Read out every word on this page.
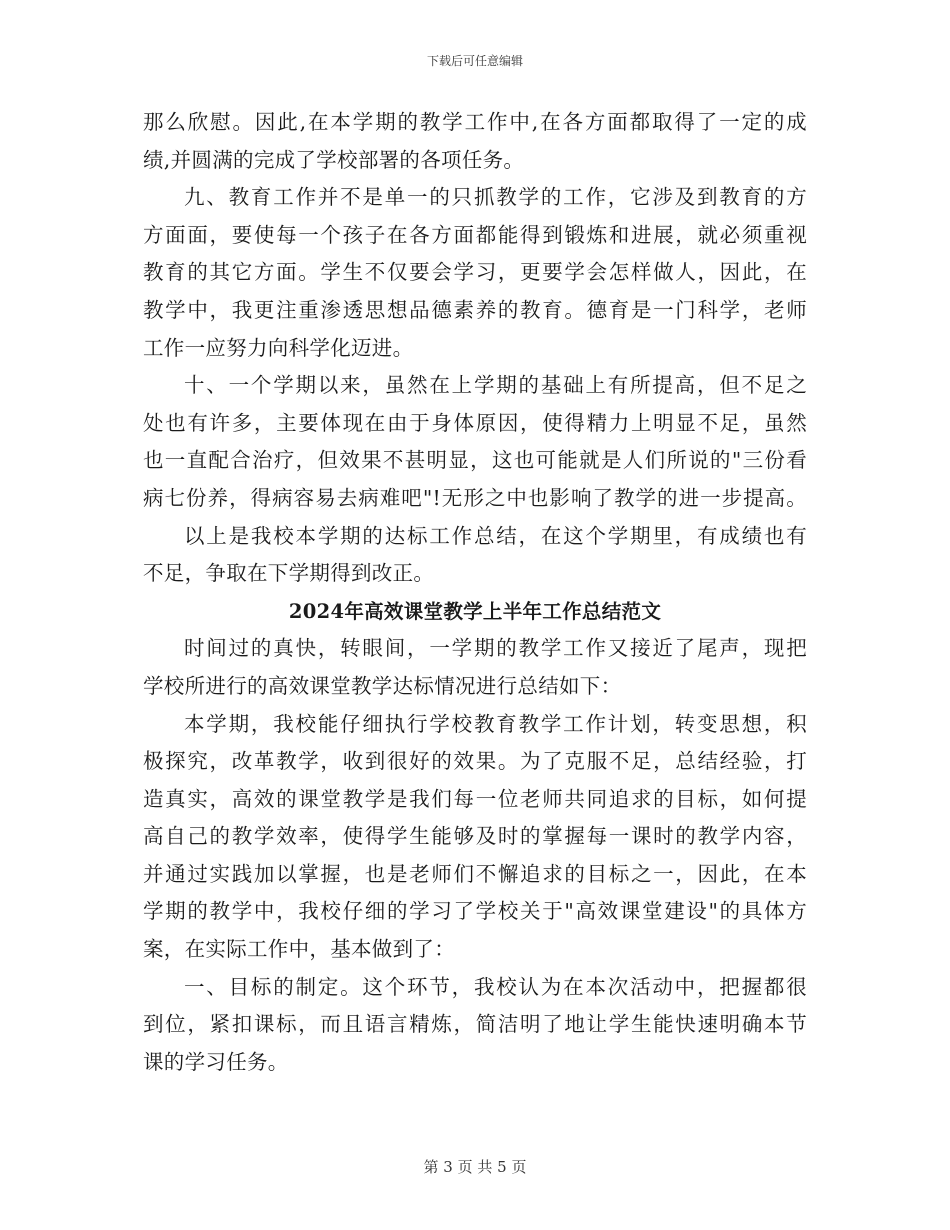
下载后可任意编辑
那么欣慰。因此,在本学期的教学工作中,在各方面都取得了一定的成
绩,并圆满的完成了学校部署的各项任务。
九、教育工作并不是单一的只抓教学的工作，它涉及到教育的方
方面面，要使每一个孩子在各方面都能得到锻炼和进展，就必须重视
教育的其它方面。学生不仅要会学习，更要学会怎样做人，因此，在
教学中，我更注重渗透思想品德素养的教育。德育是一门科学，老师
工作一应努力向科学化迈进。
十、一个学期以来，虽然在上学期的基础上有所提高，但不足之
处也有许多，主要体现在由于身体原因，使得精力上明显不足，虽然
也一直配合治疗，但效果不甚明显，这也可能就是人们所说的"三份看
病七份养，得病容易去病难吧"!无形之中也影响了教学的进一步提高。
以上是我校本学期的达标工作总结，在这个学期里，有成绩也有
不足，争取在下学期得到改正。
2024年高效课堂教学上半年工作总结范文
时间过的真快，转眼间，一学期的教学工作又接近了尾声，现把
学校所进行的高效课堂教学达标情况进行总结如下：
本学期，我校能仔细执行学校教育教学工作计划，转变思想，积
极探究，改革教学，收到很好的效果。为了克服不足，总结经验，打
造真实，高效的课堂教学是我们每一位老师共同追求的目标，如何提
高自己的教学效率，使得学生能够及时的掌握每一课时的教学内容，
并通过实践加以掌握，也是老师们不懈追求的目标之一，因此，在本
学期的教学中，我校仔细的学习了学校关于"高效课堂建设"的具体方
案，在实际工作中，基本做到了：
一、目标的制定。这个环节，我校认为在本次活动中，把握都很
到位，紧扣课标，而且语言精炼，简洁明了地让学生能快速明确本节
课的学习任务。
第 3 页 共 5 页
